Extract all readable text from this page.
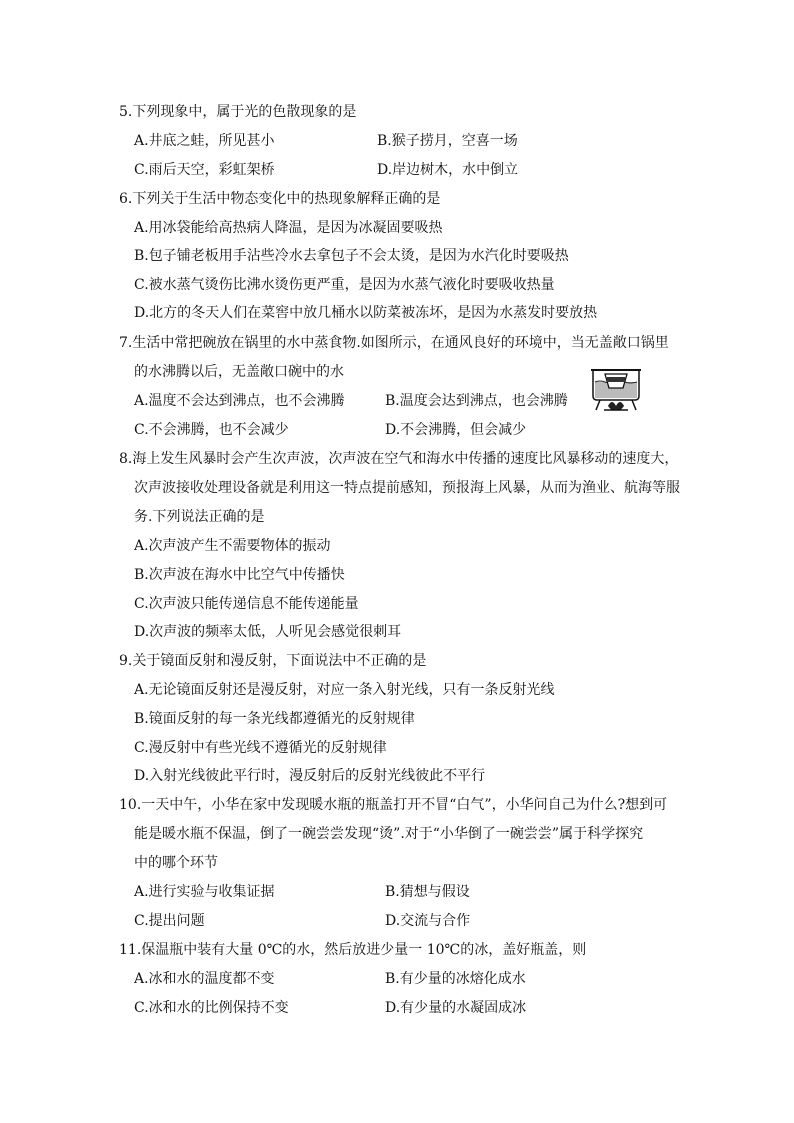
5.下列现象中，属于光的色散现象的是
A.井底之蛙，所见甚小	B.猴子捞月，空喜一场
C.雨后天空，彩虹架桥	D.岸边树木，水中倒立
6.下列关于生活中物态变化中的热现象解释正确的是
A.用冰袋能给高热病人降温，是因为冰凝固要吸热
B.包子铺老板用手沾些冷水去拿包子不会太烫，是因为水汽化时要吸热
C.被水蒸气烫伤比沸水烫伤更严重，是因为水蒸气液化时要吸收热量
D.北方的冬天人们在菜窖中放几桶水以防菜被冻坏，是因为水蒸发时要放热
7.生活中常把碗放在锅里的水中蒸食物.如图所示，在通风良好的环境中，当无盖敞口锅里
的水沸腾以后，无盖敞口碗中的水
A.温度不会达到沸点，也不会沸腾	B.温度会达到沸点，也会沸腾
C.不会沸腾，也不会减少	D.不会沸腾，但会减少
8.海上发生风暴时会产生次声波，次声波在空气和海水中传播的速度比风暴移动的速度大，
次声波接收处理设备就是利用这一特点提前感知，预报海上风暴，从而为渔业、航海等服
务.下列说法正确的是
A.次声波产生不需要物体的振动
B.次声波在海水中比空气中传播快
C.次声波只能传递信息不能传递能量
D.次声波的频率太低，人听见会感觉很刺耳
9.关于镜面反射和漫反射，下面说法中不正确的是
A.无论镜面反射还是漫反射，对应一条入射光线，只有一条反射光线
B.镜面反射的每一条光线都遵循光的反射规律
C.漫反射中有些光线不遵循光的反射规律
D.入射光线彼此平行时，漫反射后的反射光线彼此不平行
10.一天中午，小华在家中发现暖水瓶的瓶盖打开不冒“白气”，小华问自己为什么?想到可
能是暖水瓶不保温，倒了一碗尝尝发现“烫”.对于“小华倒了一碗尝尝”属于科学探究
中的哪个环节
A.进行实验与收集证据	B.猜想与假设
C.提出问题	D.交流与合作
11.保温瓶中装有大量 0℃的水，然后放进少量一 10℃的冰，盖好瓶盖，则
A.冰和水的温度都不变	B.有少量的冰熔化成水
C.冰和水的比例保持不变	D.有少量的水凝固成冰
